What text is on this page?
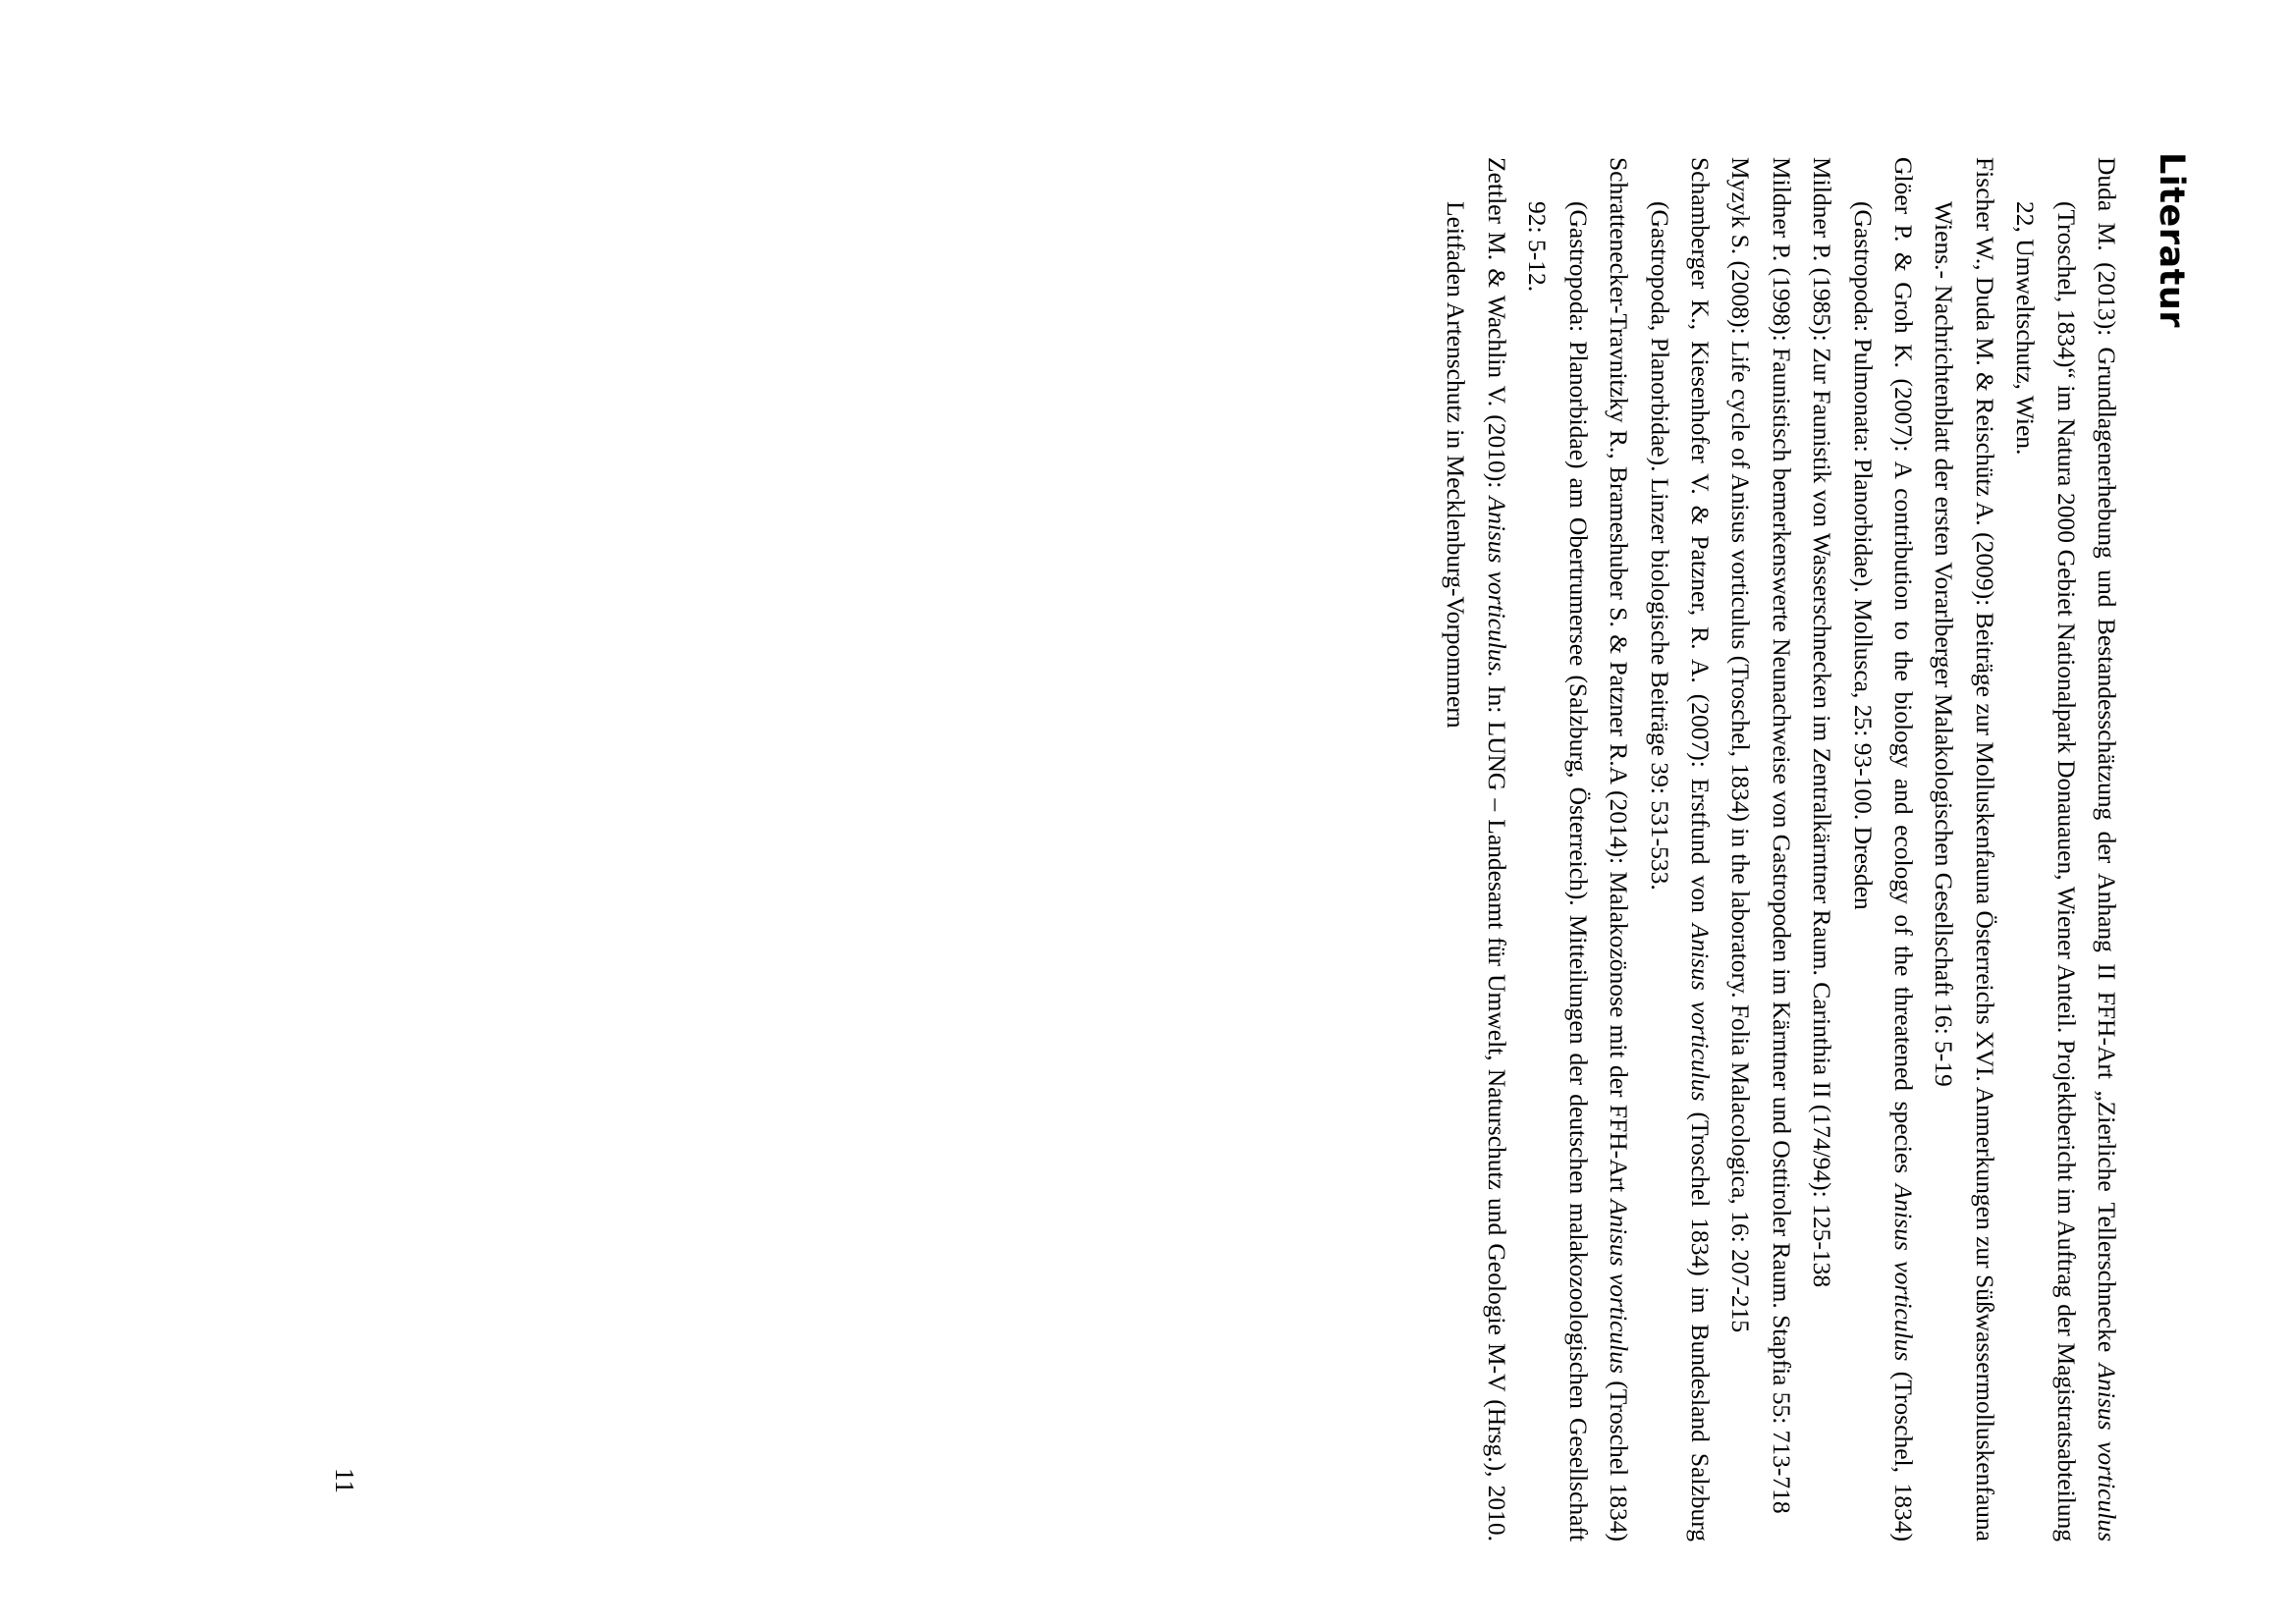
Literatur
Duda M. (2013): Grundlagenerhebung und Bestandesschätzung der Anhang II FFH-Art „Zierliche Tellerschnecke Anisus vorticulus (Troschel, 1834)“ im Natura 2000 Gebiet Nationalpark Donauauen, Wiener Anteil. Projektbericht im Auftrag der Magistratsabteilung 22, Umweltschutz, Wien.
Fischer W., Duda M. & Reischütz A. (2009): Beiträge zur Molluskenfauna Österreichs XVI. Anmerkungen zur Süßwassermolluskenfauna Wiens.- Nachrichtenblatt der ersten Vorarlberger Malakologischen Gesellschaft 16: 5-19
Glöer P. & Groh K. (2007): A contribution to the biology and ecology of the threatened species Anisus vorticulus (Troschel, 1834) (Gastropoda: Pulmonata: Planorbidae). Mollusca, 25: 93-100. Dresden
Mildner P. (1985): Zur Faunistik von Wasserschnecken im Zentralkärntner Raum. Carinthia II (174/94): 125-138
Mildner P. (1998): Faunistisch bemerkenswerte Neunachweise von Gastropoden im Kärntner und Osttiroler Raum. Stapfia 55: 713-718
Myzyk S. (2008): Life cycle of Anisus vorticulus (Troschel, 1834) in the laboratory. Folia Malacologica, 16: 207-215
Schamberger K., Kiesenhofer V. & Patzner, R. A. (2007): Erstfund von Anisus vorticulus (Troschel 1834) im Bundesland Salzburg (Gastropoda, Planorbidae). Linzer biologische Beiträge 39: 531-533.
Schrattenecker-Travnitzky R., Brameshuber S. & Patzner R.A (2014): Malakozönose mit der FFH-Art Anisus vorticulus (Troschel 1834) (Gastropoda: Planorbidae) am Obertrumersee (Salzburg, Österreich). Mitteilungen der deutschen malakozoologischen Gesellschaft 92: 5-12.
Zettler M. & Wachlin V. (2010): Anisus vorticulus. In: LUNG – Landesamt für Umwelt, Naturschutz und Geologie M-V (Hrsg.), 2010. Leitfaden Artenschutz in Mecklenburg-Vorpommern
11
